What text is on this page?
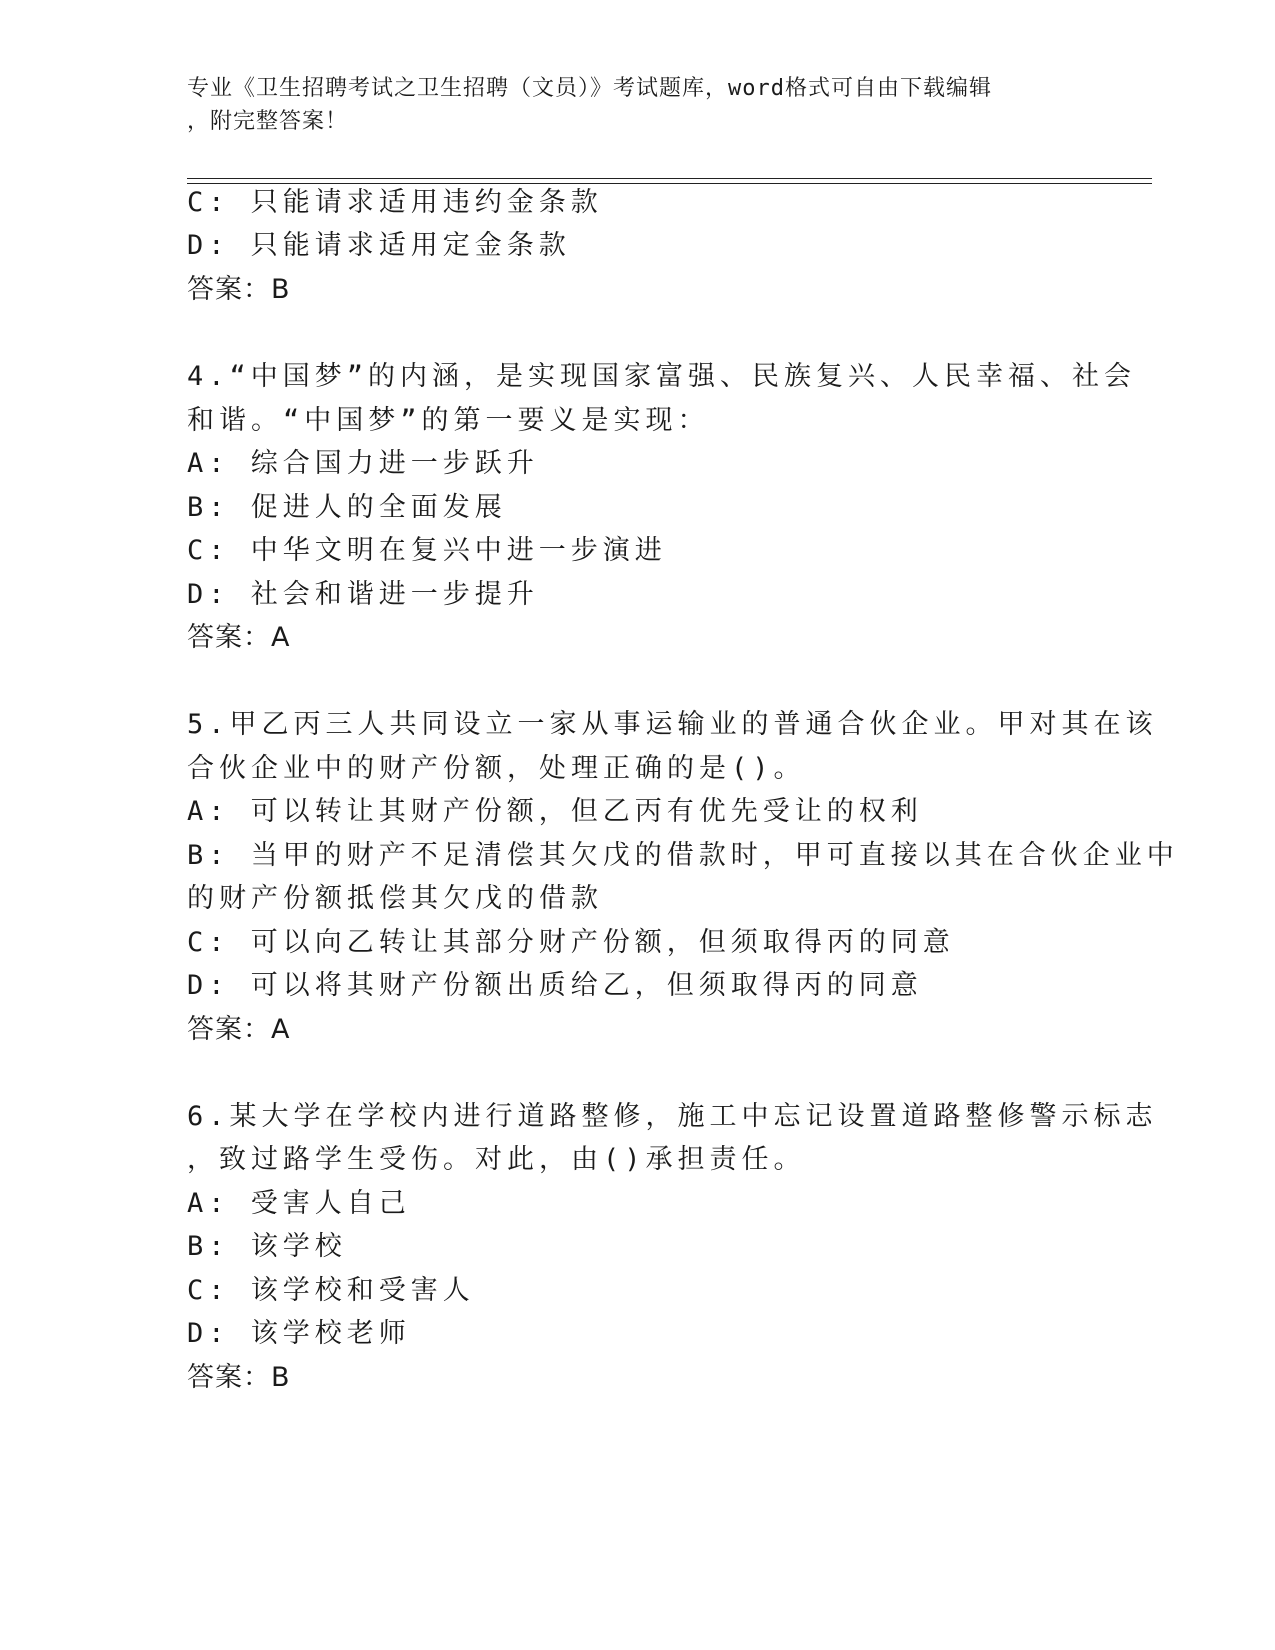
专业《卫生招聘考试之卫生招聘（文员）》考试题库，word格式可自由下载编辑
，附完整答案！
C: 只能请求适用违约金条款
D: 只能请求适用定金条款
答案：B
4.“中国梦”的内涵，是实现国家富强、民族复兴、人民幸福、社会
和谐。“中国梦”的第一要义是实现：
A: 综合国力进一步跃升
B: 促进人的全面发展
C: 中华文明在复兴中进一步演进
D: 社会和谐进一步提升
答案：A
5.甲乙丙三人共同设立一家从事运输业的普通合伙企业。甲对其在该
合伙企业中的财产份额，处理正确的是()。
A: 可以转让其财产份额，但乙丙有优先受让的权利
B: 当甲的财产不足清偿其欠戊的借款时，甲可直接以其在合伙企业中
的财产份额抵偿其欠戊的借款
C: 可以向乙转让其部分财产份额，但须取得丙的同意
D: 可以将其财产份额出质给乙，但须取得丙的同意
答案：A
6.某大学在学校内进行道路整修，施工中忘记设置道路整修警示标志
，致过路学生受伤。对此，由()承担责任。
A: 受害人自己
B: 该学校
C: 该学校和受害人
D: 该学校老师
答案：B
